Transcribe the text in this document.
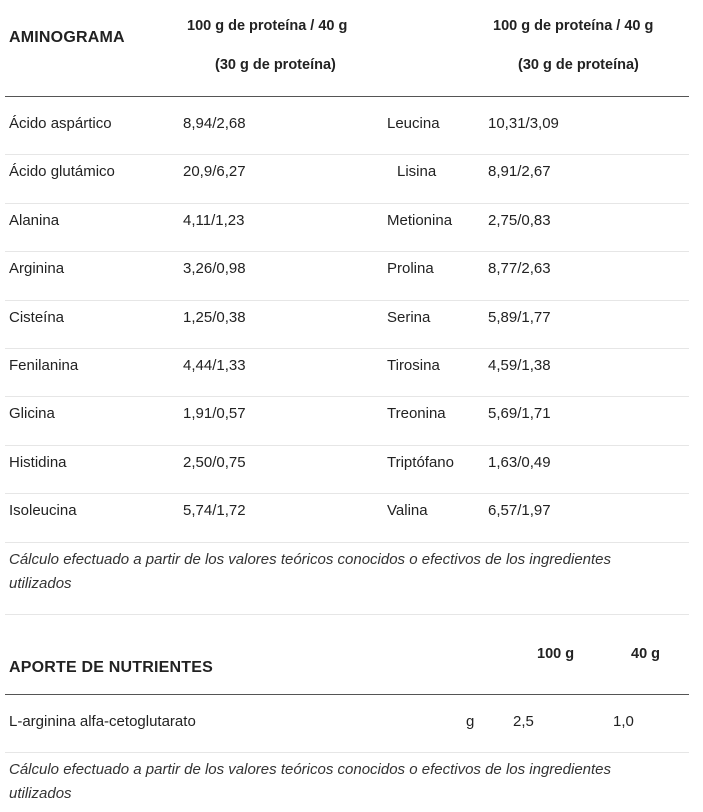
AMINOGRAMA
100 g de proteína / 40 g
(30 g de proteína)
100 g de proteína / 40 g
(30 g de proteína)
Ácido aspártico	8,94/2,68	Leucina	10,31/3,09
Ácido glutámico	20,9/6,27	Lisina	8,91/2,67
Alanina	4,11/1,23	Metionina 2,75/0,83
Arginina	3,26/0,98	Prolina	8,77/2,63
Cisteína	1,25/0,38	Serina	5,89/1,77
Fenilanina	4,44/1,33	Tirosina	4,59/1,38
Glicina	1,91/0,57	Treonina	5,69/1,71
Histidina	2,50/0,75	Triptófano 1,63/0,49
Isoleucina	5,74/1,72	Valina	6,57/1,97
Cálculo efectuado a partir de los valores teóricos conocidos o efectivos de los ingredientes utilizados
APORTE DE NUTRIENTES
100 g	40 g
L-arginina alfa-cetoglutarato	g	2,5	1,0
Cálculo efectuado a partir de los valores teóricos conocidos o efectivos de los ingredientes utilizados
